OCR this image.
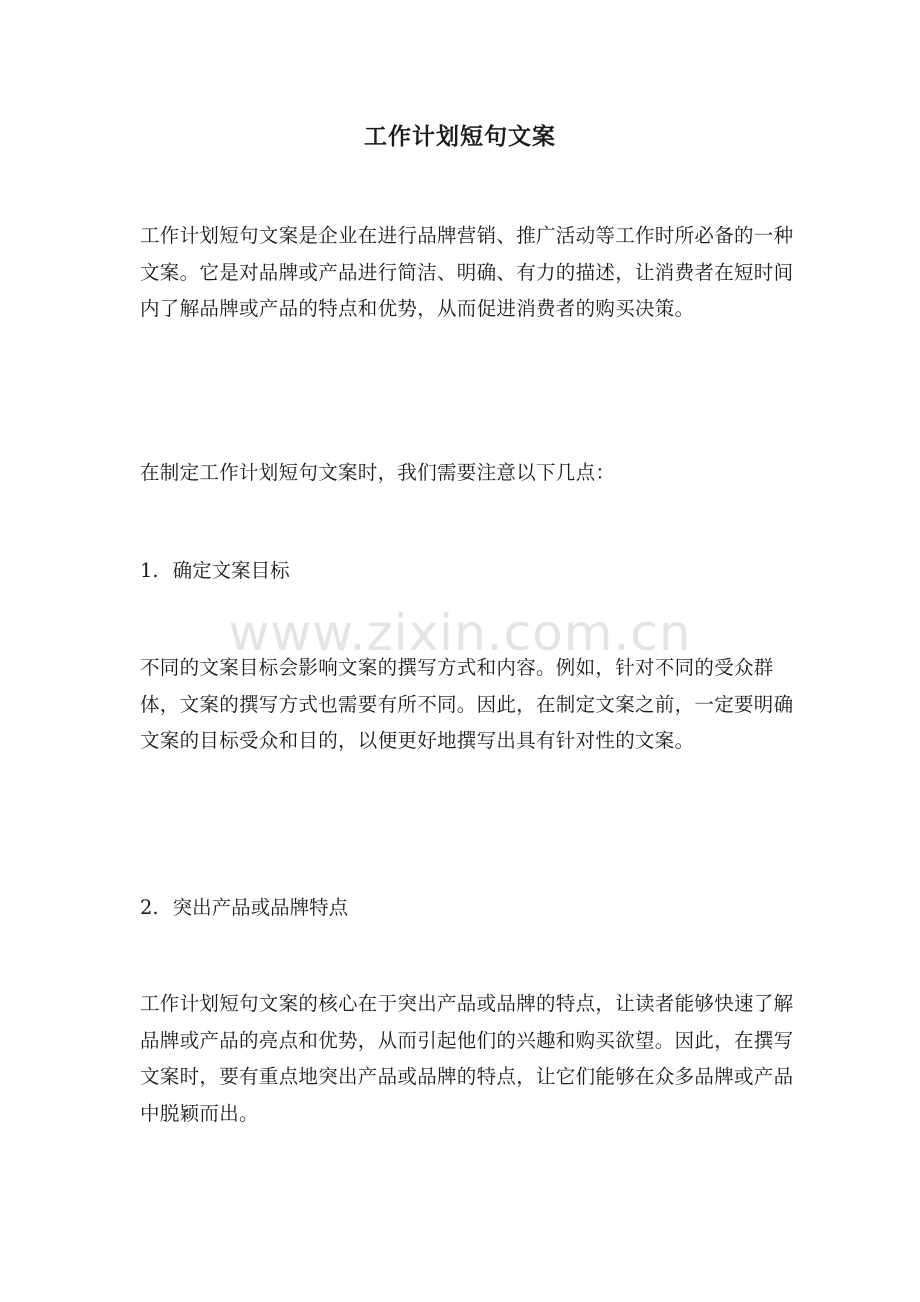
工作计划短句文案

工作计划短句文案是企业在进行品牌营销、推广活动等工作时所必备的一种文案。它是对品牌或产品进行简洁、明确、有力的描述，让消费者在短时间内了解品牌或产品的特点和优势，从而促进消费者的购买决策。

在制定工作计划短句文案时，我们需要注意以下几点：

1. 确定文案目标
www.zixin.com.cn

不同的文案目标会影响文案的撰写方式和内容。例如，针对不同的受众群体，文案的撰写方式也需要有所不同。因此，在制定文案之前，一定要明确文案的目标受众和目的，以便更好地撰写出具有针对性的文案。

2. 突出产品或品牌特点

工作计划短句文案的核心在于突出产品或品牌的特点，让读者能够快速了解品牌或产品的亮点和优势，从而引起他们的兴趣和购买欲望。因此，在撰写文案时，要有重点地突出产品或品牌的特点，让它们能够在众多品牌或产品中脱颖而出。
